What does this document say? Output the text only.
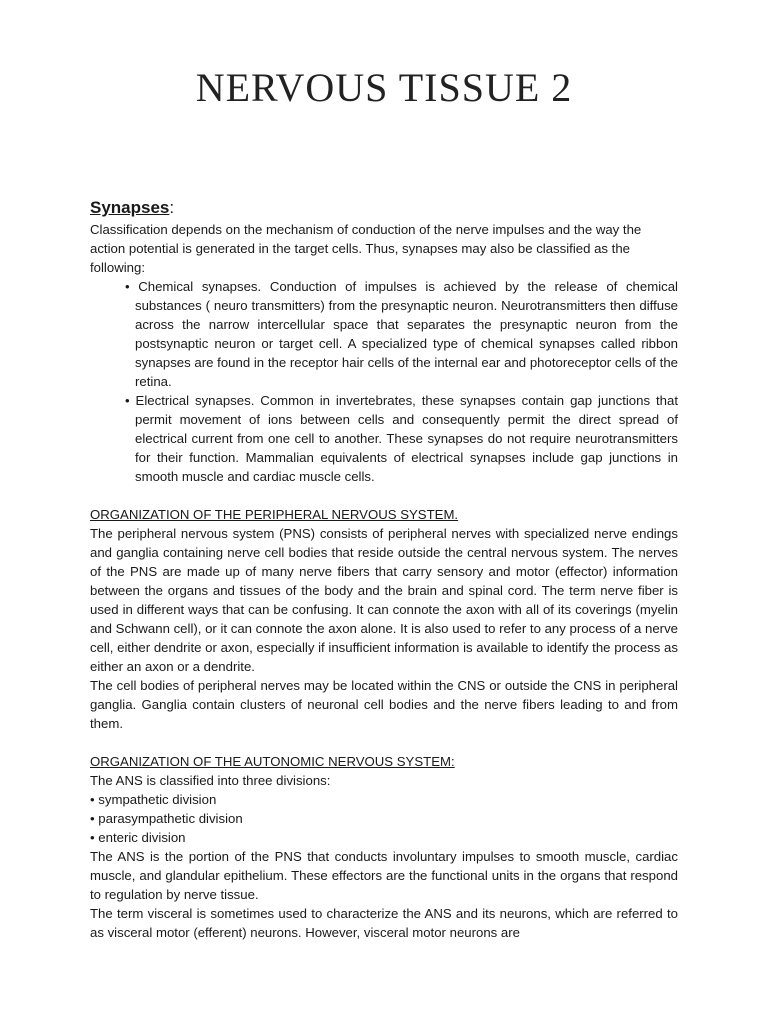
NERVOUS TISSUE 2
Synapses:

Classification depends on the mechanism of conduction of the nerve impulses and the way the action potential is generated in the target cells. Thus, synapses may also be classified as the following:

• Chemical synapses. Conduction of impulses is achieved by the release of chemical substances ( neuro transmitters) from the presynaptic neuron. Neurotransmitters then diffuse across the narrow intercellular space that separates the presynaptic neuron from the postsynaptic neuron or target cell. A specialized type of chemical synapses called ribbon synapses are found in the receptor hair cells of the internal ear and photoreceptor cells of the retina.
• Electrical synapses. Common in invertebrates, these synapses contain gap junctions that permit movement of ions between cells and consequently permit the direct spread of electrical current from one cell to another. These synapses do not require neurotransmitters for their function. Mammalian equivalents of electrical synapses include gap junctions in smooth muscle and cardiac muscle cells.
ORGANIZATION OF THE PERIPHERAL NERVOUS SYSTEM.

The peripheral nervous system (PNS) consists of peripheral nerves with specialized nerve endings and ganglia containing nerve cell bodies that reside outside the central nervous system. The nerves of the PNS are made up of many nerve fibers that carry sensory and motor (effector) information between the organs and tissues of the body and the brain and spinal cord. The term nerve fiber is used in different ways that can be confusing. It can connote the axon with all of its coverings (myelin and Schwann cell), or it can connote the axon alone. It is also used to refer to any process of a nerve cell, either dendrite or axon, especially if insufficient information is available to identify the process as either an axon or a dendrite.

The cell bodies of peripheral nerves may be located within the CNS or outside the CNS in peripheral ganglia. Ganglia contain clusters of neuronal cell bodies and the nerve fibers leading to and from them.

ORGANIZATION OF THE AUTONOMIC NERVOUS SYSTEM:

The ANS is classified into three divisions:

• sympathetic division
• parasympathetic division
• enteric division

The ANS is the portion of the PNS that conducts involuntary impulses to smooth muscle, cardiac muscle, and glandular epithelium. These effectors are the functional units in the organs that respond to regulation by nerve tissue.

The term visceral is sometimes used to characterize the ANS and its neurons, which are referred to as visceral motor (efferent) neurons. However, visceral motor neurons are
